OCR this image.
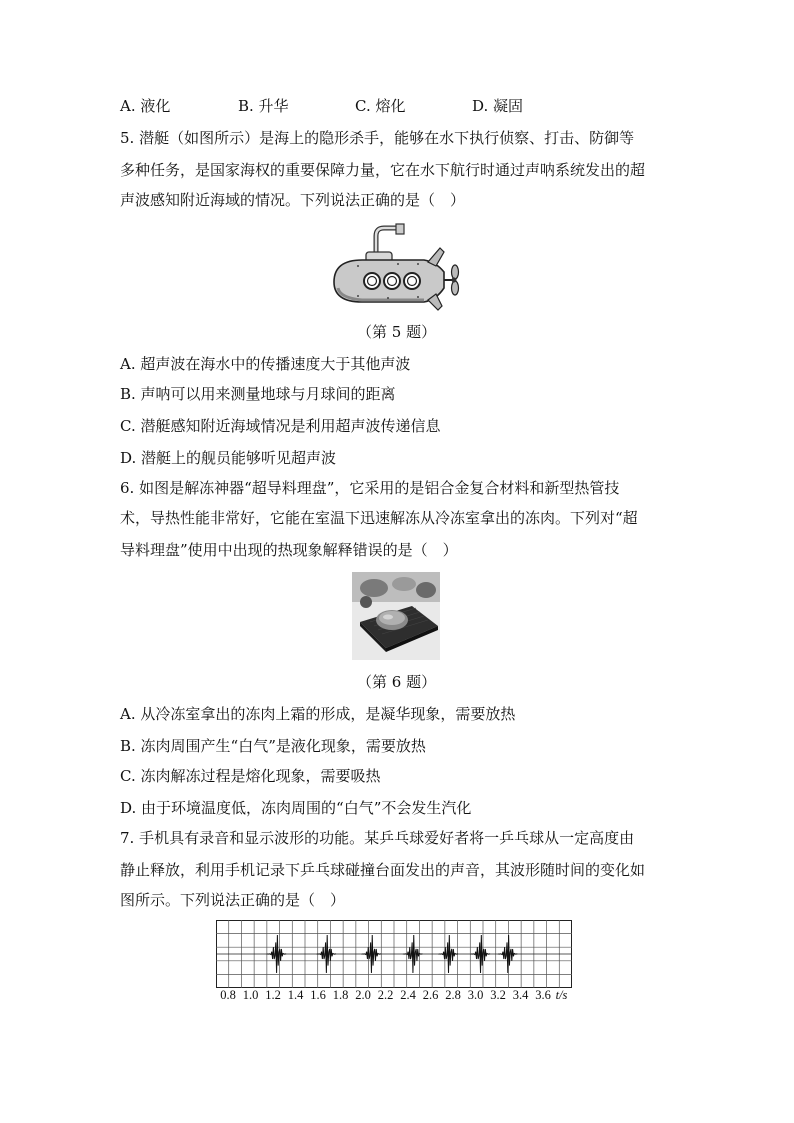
A. 液化	B. 升华	C. 熔化	D. 凝固
5. 潜艇（如图所示）是海上的隐形杀手，能够在水下执行侦察、打击、防御等
多种任务，是国家海权的重要保障力量，它在水下航行时通过声呐系统发出的超
声波感知附近海域的情况。下列说法正确的是（　）
（第 5 题）
A. 超声波在海水中的传播速度大于其他声波
B. 声呐可以用来测量地球与月球间的距离
C. 潜艇感知附近海域情况是利用超声波传递信息
D. 潜艇上的舰员能够听见超声波
6. 如图是解冻神器“超导料理盘”，它采用的是铝合金复合材料和新型热管技
术，导热性能非常好，它能在室温下迅速解冻从冷冻室拿出的冻肉。下列对“超
导料理盘”使用中出现的热现象解释错误的是（　）
（第 6 题）
A. 从冷冻室拿出的冻肉上霜的形成，是凝华现象，需要放热
B. 冻肉周围产生“白气”是液化现象，需要放热
C. 冻肉解冻过程是熔化现象，需要吸热
D. 由于环境温度低，冻肉周围的“白气”不会发生汽化
7. 手机具有录音和显示波形的功能。某乒乓球爱好者将一乒乓球从一定高度由
静止释放，利用手机记录下乒乓球碰撞台面发出的声音，其波形随时间的变化如
图所示。下列说法正确的是（　）
0.8 1.0 1.2 1.4 1.6 1.8 2.0 2.2 2.4 2.6 2.8 3.0 3.2 3.4 3.6 t/s
